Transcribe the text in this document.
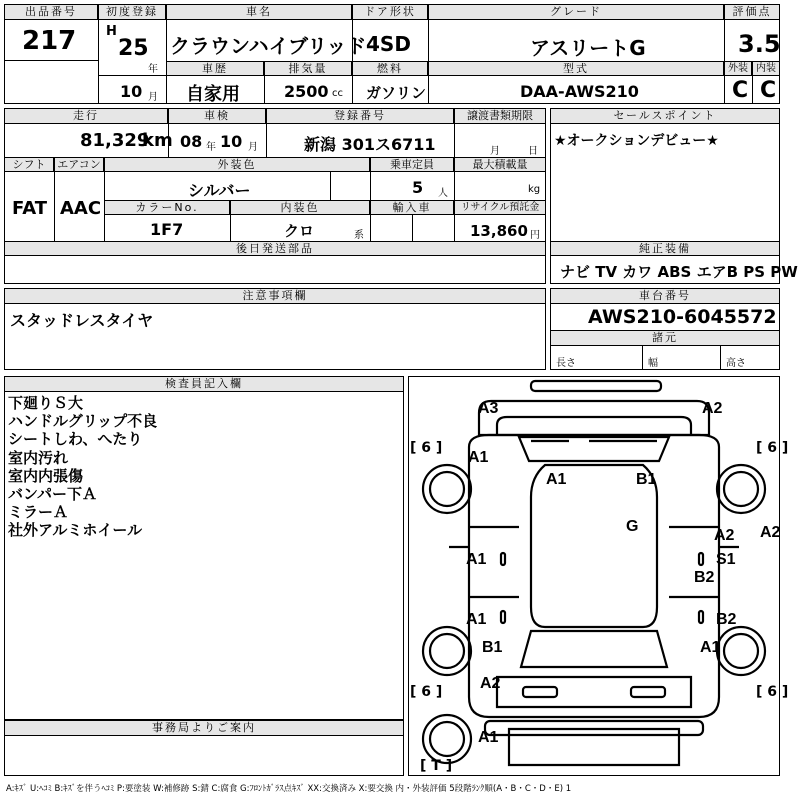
出品番号
217
初度登録
H
25
年
10 月
車名
クラウンハイブリッド
ドア形状
4SD
グレード
アスリートG
評価点
3.5
車歴
自家用
排気量
2500 cc
燃料
ガソリン
型式
DAA-AWS210
外装 内装
C C
走行
81,329
km
車検
08 年 10 月
登録番号
新潟 301ス6711
譲渡書類期限
月	日
シフト
FAT
エアコン
AAC
外装色
シルバー
乗車定員
5 人
最大積載量
kg
カラーNo.
1F7
内装色
クロ	系
輸入車	リサイクル預託金
13,860 円
後日発送部品
セールスポイント
★オークションデビュー★
純正装備
ナビ TV カワ ABS エアB PS PW
注意事項欄
スタッドレスタイヤ
車台番号
AWS210-6045572
諸元
長さ	幅	高さ
検査員記入欄
下廻りＳ大
ハンドルグリップ不良
シートしわ、へたり
室内汚れ
室内内張傷
バンパー下Ａ
ミラーＡ
社外アルミホイール
事務局よりご案内
A3	A2
A1
A1	B1
G
A2 A2
S1
B2
A1
A1	B2
B1	A1
A2
A1
[ 6 ]	[ 6 ]
[ 6 ]	[ 6 ]
[ T ]
A:ｷｽﾞ U:ﾍｺﾐ B:ｷｽﾞを伴うﾍｺﾐ P:要塗装 W:補修跡 S:錆 C:腐食 G:ﾌﾛﾝﾄｶﾞﾗｽ点ｷｽﾞ XX:交換済み X:要交換 内・外装評価 5段階ﾗﾝｸ順(A・B・C・D・E) 1
